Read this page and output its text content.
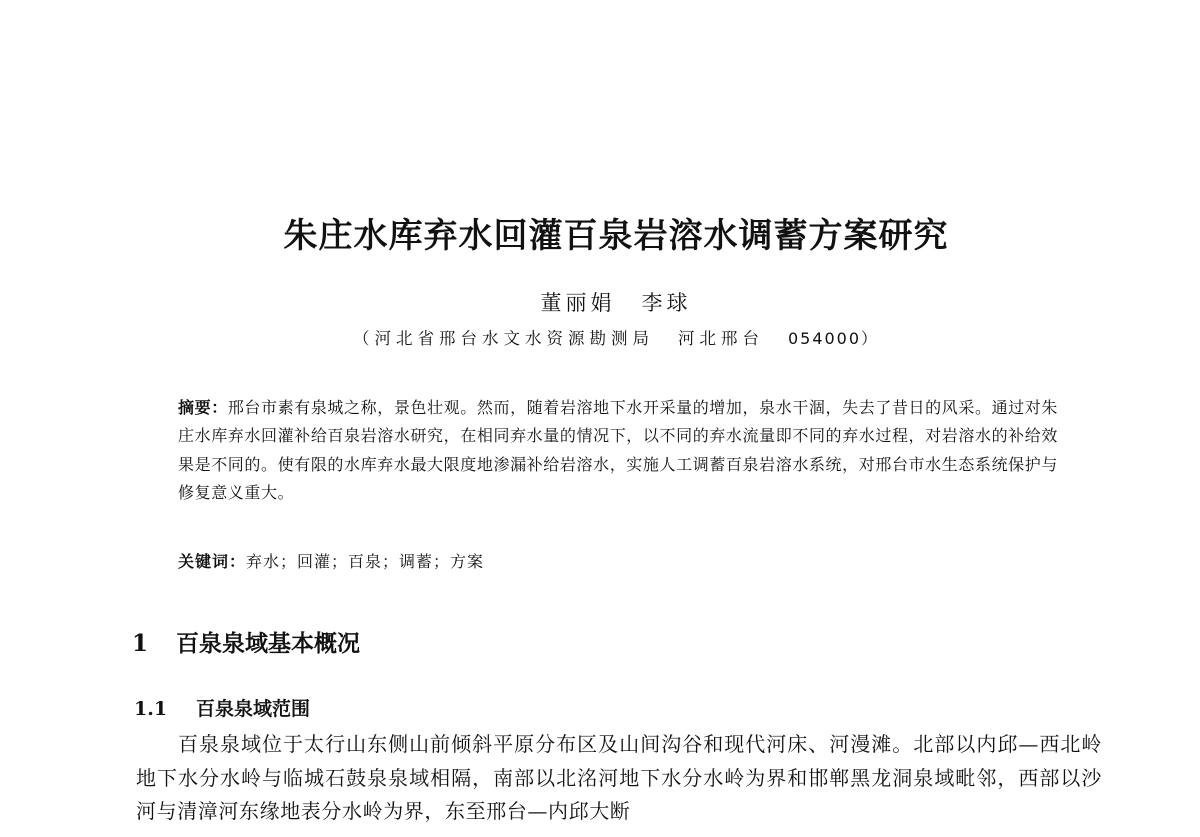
朱庄水库弃水回灌百泉岩溶水调蓄方案研究
董丽娟 李球
（河北省邢台水文水资源勘测局 河北邢台 054000）
摘要：邢台市素有泉城之称，景色壮观。然而，随着岩溶地下水开采量的增加，泉水干涸，失去了昔日的风采。通过对朱庄水库弃水回灌补给百泉岩溶水研究，在相同弃水量的情况下，以不同的弃水流量即不同的弃水过程，对岩溶水的补给效果是不同的。使有限的水库弃水最大限度地渗漏补给岩溶水，实施人工调蓄百泉岩溶水系统，对邢台市水生态系统保护与修复意义重大。
关键词：弃水；回灌；百泉；调蓄；方案
1 百泉泉域基本概况
1.1 百泉泉域范围
百泉泉域位于太行山东侧山前倾斜平原分布区及山间沟谷和现代河床、河漫滩。北部以内邱—西北岭地下水分水岭与临城石鼓泉泉域相隔，南部以北洺河地下水分水岭为界和邯郸黑龙洞泉域毗邻，西部以沙河与清漳河东缘地表分水岭为界，东至邢台—内邱大断
